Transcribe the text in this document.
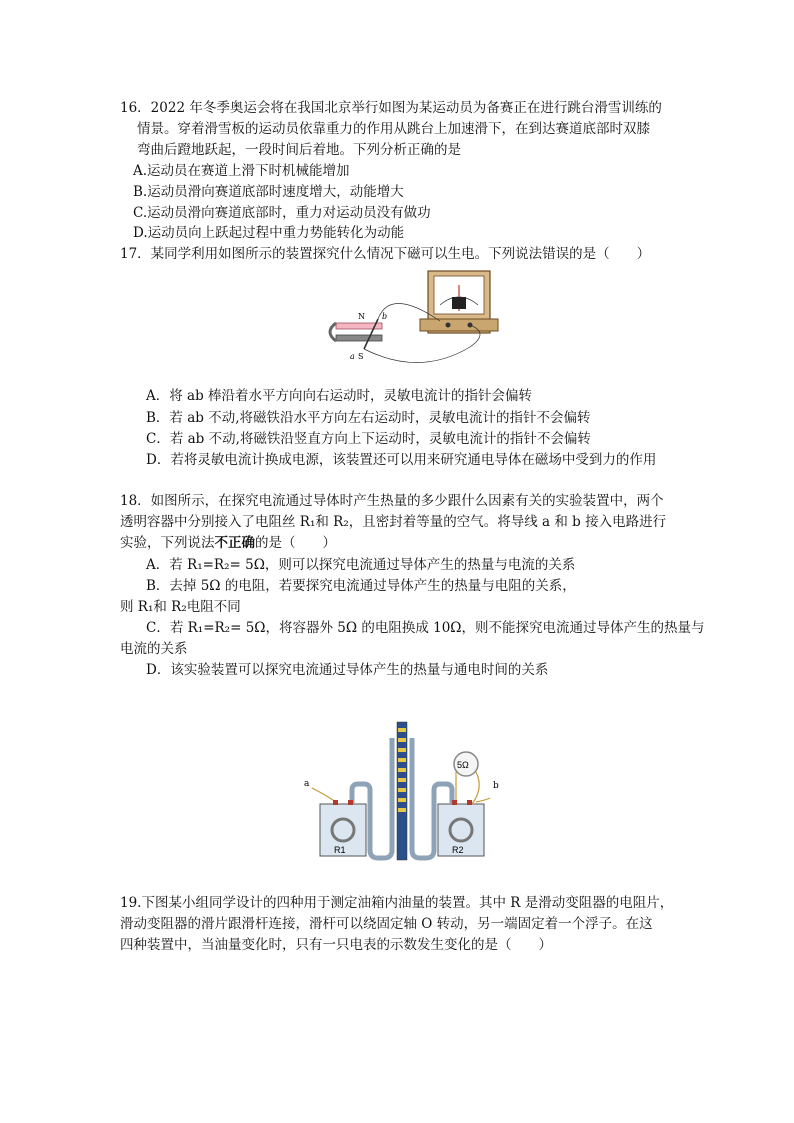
16．2022 年冬季奥运会将在我国北京举行如图为某运动员为备赛正在进行跳台滑雪训练的
情景。穿着滑雪板的运动员依靠重力的作用从跳台上加速滑下，在到达赛道底部时双膝
弯曲后蹬地跃起，一段时间后着地。下列分析正确的是
A.运动员在赛道上滑下时机械能增加
B.运动员滑向赛道底部时速度增大，动能增大
C.运动员滑向赛道底部时，重力对运动员没有做功
D.运动员向上跃起过程中重力势能转化为动能
17．某同学利用如图所示的装置探究什么情况下磁可以生电。下列说法错误的是（　　）
N
S
b
a
A．将 ab 棒沿着水平方向向右运动时，灵敏电流计的指针会偏转
B．若 ab 不动,将磁铁沿水平方向左右运动时，灵敏电流计的指针不会偏转
C．若 ab 不动,将磁铁沿竖直方向上下运动时，灵敏电流计的指针不会偏转
D．若将灵敏电流计换成电源，该装置还可以用来研究通电导体在磁场中受到力的作用
18．如图所示，在探究电流通过导体时产生热量的多少跟什么因素有关的实验装置中，两个
透明容器中分别接入了电阻丝 R₁和 R₂，且密封着等量的空气。将导线 a 和 b 接入电路进行
实验，下列说法不正确的是（　　）
A．若 R₁=R₂= 5Ω，则可以探究电流通过导体产生的热量与电流的关系
B．去掉 5Ω 的电阻，若要探究电流通过导体产生的热量与电阻的关系，
则 R₁和 R₂电阻不同
C．若 R₁=R₂= 5Ω，将容器外 5Ω 的电阻换成 10Ω，则不能探究电流通过导体产生的热量与
电流的关系
D．该实验装置可以探究电流通过导体产生的热量与通电时间的关系
R1	R2
5Ω
a	b
19.下图某小组同学设计的四种用于测定油箱内油量的装置。其中 R 是滑动变阻器的电阻片，
滑动变阻器的滑片跟滑杆连接，滑杆可以绕固定轴 O 转动，另一端固定着一个浮子。在这
四种装置中，当油量变化时，只有一只电表的示数发生变化的是（　　）
